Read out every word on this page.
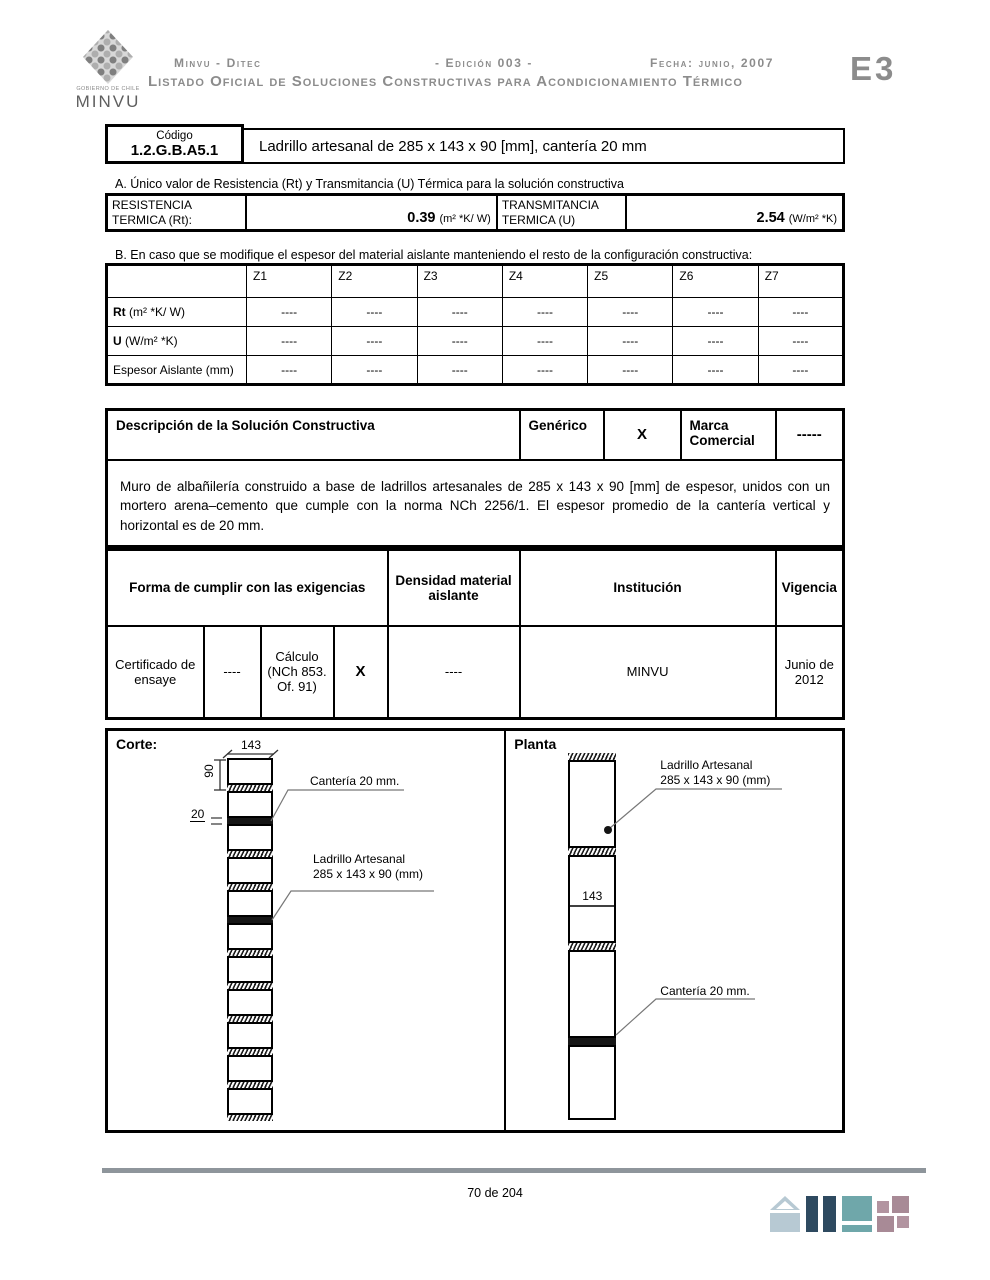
GOBIERNO DE CHILE
MINVU
Minvu - Ditec	- Edición 003 -	Fecha: junio, 2007
Listado Oficial de Soluciones Constructivas para Acondicionamiento Térmico	E3
Ladrillo artesanal de 285 x 143 x 90 [mm], cantería 20 mm
Código
1.2.G.B.A5.1
A. Único valor de Resistencia (Rt) y Transmitancia (U) Térmica para la solución constructiva
RESISTENCIA
TERMICA (Rt):	0.39 (m² *K/ W)
TRANSMITANCIA
TERMICA (U)	2.54 (W/m² *K)
B. En caso que se modifique el espesor del material aislante manteniendo el resto de la configuración constructiva:
	Z1	Z2	Z3	Z4	Z5	Z6	Z7
Rt (m² *K/ W)	----	----	----	----	----	----	----
U (W/m² *K)	----	----	----	----	----	----	----
Espesor Aislante (mm)	----	----	----	----	----	----	----
Descripción de la Solución Constructiva	Genérico	X	Marca Comercial	-----
Muro de albañilería construido a base de ladrillos artesanales de 285 x 143 x 90 [mm] de espesor, unidos con un mortero arena–cemento que cumple con la norma NCh 2256/1. El espesor promedio de la cantería vertical y horizontal es de 20 mm.
Forma de cumplir con las exigencias				Densidad material aislante	Institución	Vigencia
Certificado de ensaye	----	Cálculo (NCh 853. Of. 91)	X	----	MINVU	Junio de 2012
Corte:	143
90
20
Cantería 20 mm.
Ladrillo Artesanal
285 x 143 x 90 (mm)
Planta
Ladrillo Artesanal
285 x 143 x 90 (mm)
143
Cantería 20 mm.
70 de 204
